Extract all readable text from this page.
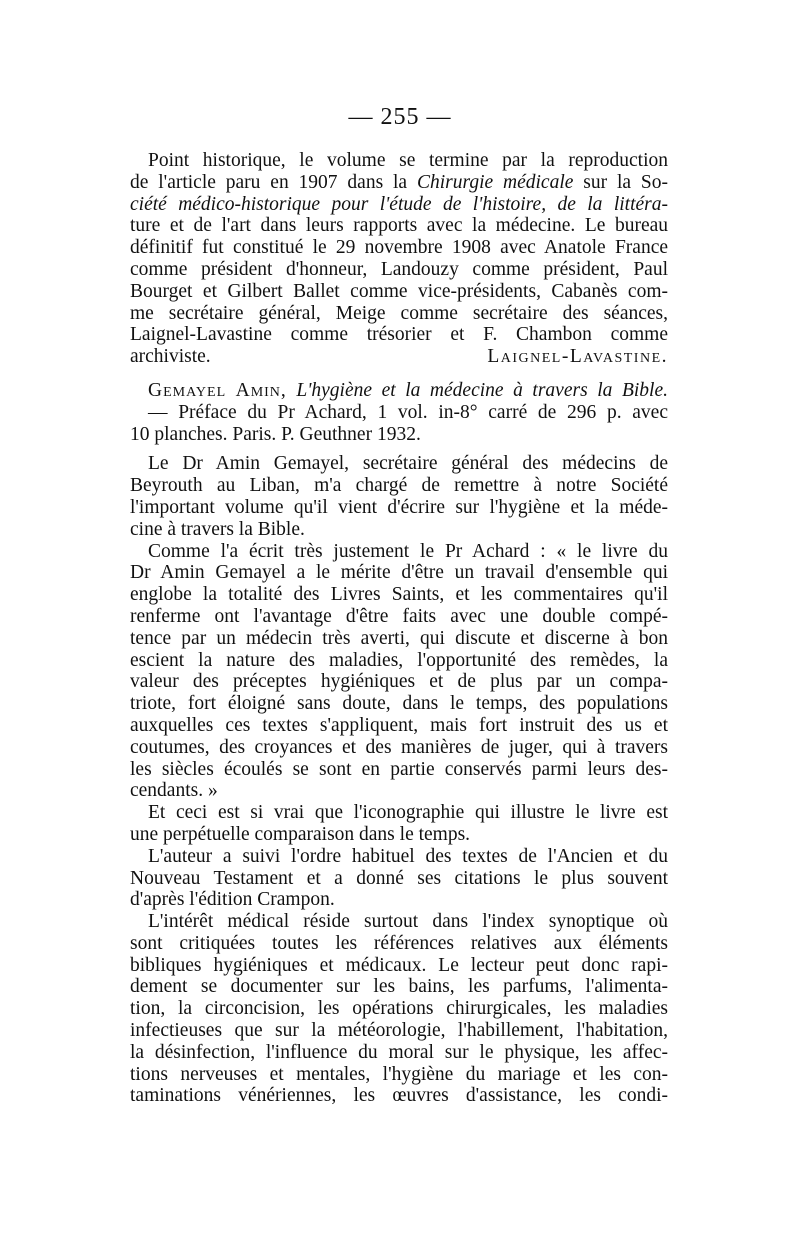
— 255 —
Point historique, le volume se termine par la reproduction
de l'article paru en 1907 dans la Chirurgie médicale sur la So-
ciété médico-historique pour l'étude de l'histoire, de la littéra-
ture et de l'art dans leurs rapports avec la médecine. Le bureau
définitif fut constitué le 29 novembre 1908 avec Anatole France
comme président d'honneur, Landouzy comme président, Paul
Bourget et Gilbert Ballet comme vice-présidents, Cabanès com-
me secrétaire général, Meige comme secrétaire des séances,
Laignel-Lavastine comme trésorier et F. Chambon comme
archiviste.	Laignel-Lavastine.
Gemayel Amin, L'hygiène et la médecine à travers la Bible.
— Préface du Pr Achard, 1 vol. in-8° carré de 296 p. avec
10 planches. Paris. P. Geuthner 1932.
Le Dr Amin Gemayel, secrétaire général des médecins de
Beyrouth au Liban, m'a chargé de remettre à notre Société
l'important volume qu'il vient d'écrire sur l'hygiène et la méde-
cine à travers la Bible.
Comme l'a écrit très justement le Pr Achard : « le livre du
Dr Amin Gemayel a le mérite d'être un travail d'ensemble qui
englobe la totalité des Livres Saints, et les commentaires qu'il
renferme ont l'avantage d'être faits avec une double compé-
tence par un médecin très averti, qui discute et discerne à bon
escient la nature des maladies, l'opportunité des remèdes, la
valeur des préceptes hygiéniques et de plus par un compa-
triote, fort éloigné sans doute, dans le temps, des populations
auxquelles ces textes s'appliquent, mais fort instruit des us et
coutumes, des croyances et des manières de juger, qui à travers
les siècles écoulés se sont en partie conservés parmi leurs des-
cendants. »
Et ceci est si vrai que l'iconographie qui illustre le livre est
une perpétuelle comparaison dans le temps.
L'auteur a suivi l'ordre habituel des textes de l'Ancien et du
Nouveau Testament et a donné ses citations le plus souvent
d'après l'édition Crampon.
L'intérêt médical réside surtout dans l'index synoptique où
sont critiquées toutes les références relatives aux éléments
bibliques hygiéniques et médicaux. Le lecteur peut donc rapi-
dement se documenter sur les bains, les parfums, l'alimenta-
tion, la circoncision, les opérations chirurgicales, les maladies
infectieuses que sur la météorologie, l'habillement, l'habitation,
la désinfection, l'influence du moral sur le physique, les affec-
tions nerveuses et mentales, l'hygiène du mariage et les con-
taminations vénériennes, les œuvres d'assistance, les condi-
